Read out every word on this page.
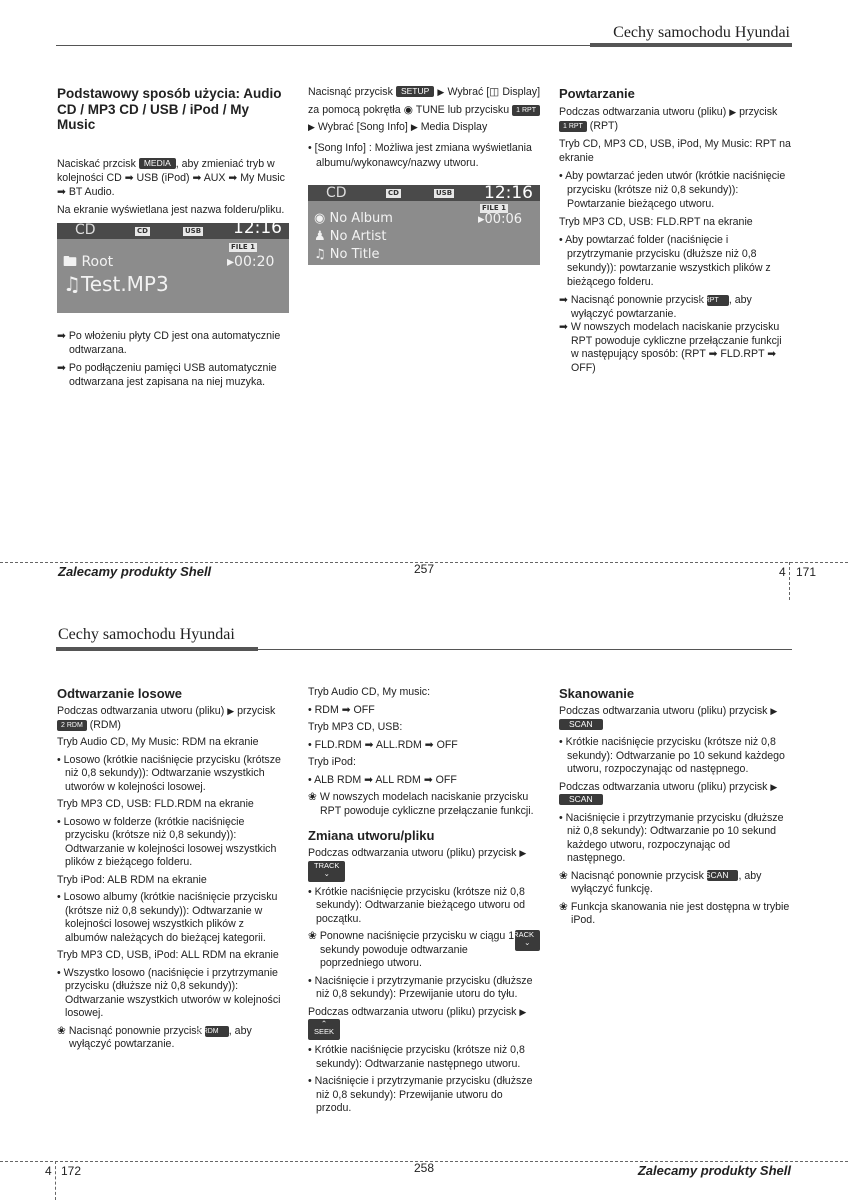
Cechy samochodu Hyundai
Podstawowy sposób użycia: Audio CD / MP3 CD / USB / iPod / My Music

Naciskać przcisk MEDIA , aby zmieniać tryb w kolejności CD ➡ USB (iPod) ➡ AUX ➡ My Music ➡ BT Audio.

Na ekranie wyświetlana jest nazwa folderu/pliku.

CD	CD	USB 12:16
FILE 1
🖿 Root	▸00:20
♫Test.MP3

➡ Po włożeniu płyty CD jest ona automatycznie odtwarzana.

➡ Po podłączeniu pamięci USB automatycznie odtwarzana jest zapisana na niej muzyka.

Nacisnąć przycisk SETUP ▶ Wybrać [◫ Display] za pomocą pokrętła ◉ TUNE lub przycisku 1 RPT ▶ Wybrać [Song Info] ▶ Media Display

• [Song Info] : Możliwa jest zmiana wyświetlania albumu/wykonawcy/nazwy utworu.

CD	CD	USB 12:16
FILE 1
◉ No Album	▸00:06
♟ No Artist
♫ No Title
Powtarzanie

Podczas odtwarzania utworu (pliku) ▶ przycisk 1 RPT (RPT)

Tryb CD, MP3 CD, USB, iPod, My Music: RPT na ekranie

• Aby powtarzać jeden utwór (krótkie naciśnięcie przycisku (krótsze niż 0,8 sekundy)): Powtarzanie bieżącego utworu.

Tryb MP3 CD, USB: FLD.RPT na ekranie

• Aby powtarzać folder (naciśnięcie i przytrzymanie przycisku (dłuższe niż 0,8 sekundy)): powtarzanie wszystkich plików z bieżącego folderu.

➡ Nacisnąć ponownie przycisk 1 RPT , aby wyłączyć powtarzanie.

➡ W nowszych modelach naciskanie przycisku RPT powoduje cykliczne przełączanie funkcji w następujący sposób: (RPT ➡ FLD.RPT ➡ OFF)

Zalecamy produkty Shell	257	4 171
Cechy samochodu Hyundai
Odtwarzanie losowe

Podczas odtwarzania utworu (pliku) ▶ przycisk 2 RDM (RDM)

Tryb Audio CD, My Music: RDM na ekranie

• Losowo (krótkie naciśnięcie przycisku (krótsze niż 0,8 sekundy)): Odtwarzanie wszystkich utworów w kolejności losowej.

Tryb MP3 CD, USB: FLD.RDM na ekranie

• Losowo w folderze (krótkie naciśnięcie przycisku (krótsze niż 0,8 sekundy)): Odtwarzanie w kolejności losowej wszystkich plików z bieżącego folderu.

Tryb iPod: ALB RDM na ekranie

• Losowo albumy (krótkie naciśnięcie przycisku (krótsze niż 0,8 sekundy)): Odtwarzanie w kolejności losowej wszystkich plików z albumów należących do bieżącej kategorii.

Tryb MP3 CD, USB, iPod: ALL RDM na ekranie

• Wszystko losowo (naciśnięcie i przytrzymanie przycisku (dłuższe niż 0,8 sekundy)): Odtwarzanie wszystkich utworów w kolejności losowej.

❀ Nacisnąć ponownie przycisk 2 RDM , aby wyłączyć powtarzanie.

Tryb Audio CD, My music:

• RDM ➡ OFF

Tryb MP3 CD, USB:

• FLD.RDM ➡ ALL.RDM ➡ OFF

Tryb iPod:

• ALB RDM ➡ ALL RDM ➡ OFF

❀ W nowszych modelach naciskanie przycisku RPT powoduje cykliczne przełączanie funkcji.

Zmiana utworu/pliku

Podczas odtwarzania utworu (pliku) przycisk ▶
TRACK
⌄

• Krótkie naciśnięcie przycisku (krótsze niż 0,8 sekundy): Odtwarzanie bieżącego utworu od początku.

❀ Ponowne naciśnięcie przycisku	TRACK
⌄
w ciągu 1 sekundy powoduje odtwarzanie poprzedniego utworu.

• Naciśnięcie i przytrzymanie przycisku (dłuższe niż 0,8 sekundy): Przewijanie utoru do tyłu.

Podczas odtwarzania utworu (pliku) przycisk ▶
⌃
SEEK

• Krótkie naciśnięcie przycisku (krótsze niż 0,8 sekundy): Odtwarzanie następnego utworu.

• Naciśnięcie i przytrzymanie przycisku (dłuższe niż 0,8 sekundy): Przewijanie utworu do przodu.

Skanowanie

Podczas odtwarzania utworu (pliku) przycisk ▶
SCAN

• Krótkie naciśnięcie przycisku (krótsze niż 0,8 sekundy): Odtwarzanie po 10 sekund każdego utworu, rozpoczynając od następnego.

Podczas odtwarzania utworu (pliku) przycisk ▶
SCAN

• Naciśnięcie i przytrzymanie przycisku (dłuższe niż 0,8 sekundy): Odtwarzanie po 10 sekund każdego utworu, rozpoczynając od następnego.

❀ Nacisnąć ponownie przycisk SCAN , aby wyłączyć funkcję.

❀ Funkcja skanowania nie jest dostępna w trybie iPod.

4 172	258	Zalecamy produkty Shell
